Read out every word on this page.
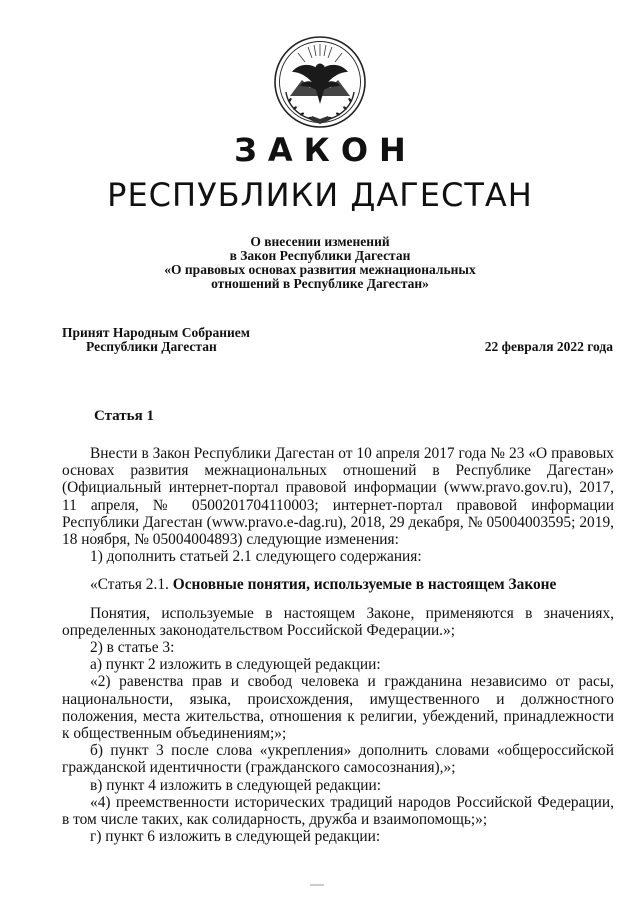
ЗАКОН
РЕСПУБЛИКИ ДАГЕСТАН
О внесении изменений
в Закон Республики Дагестан
«О правовых основах развития межнациональных
отношений в Республике Дагестан»
Принят Народным Собранием
Республики Дагестан	22 февраля 2022 года
Статья 1

Внести в Закон Республики Дагестан от 10 апреля 2017 года № 23 «О правовых основах развития межнациональных отношений в Республике Дагестан» (Официальный интернет-портал правовой информации (www.pravo.gov.ru), 2017, 11 апреля, № 0500201704110003; интернет-портал правовой информации Республики Дагестан (www.pravo.e-dag.ru), 2018, 29 декабря, № 05004003595; 2019, 18 ноября, № 05004004893) следующие изменения:

1) дополнить статьей 2.1 следующего содержания:

«Статья 2.1. Основные понятия, используемые в настоящем Законе

Понятия, используемые в настоящем Законе, применяются в значениях, определенных законодательством Российской Федерации.»;

2) в статье 3:

а) пункт 2 изложить в следующей редакции:

«2) равенства прав и свобод человека и гражданина независимо от расы, национальности, языка, происхождения, имущественного и должностного положения, места жительства, отношения к религии, убеждений, принадлежности к общественным объединениям;»;

б) пункт 3 после слова «укрепления» дополнить словами «общероссийской гражданской идентичности (гражданского самосознания),»;

в) пункт 4 изложить в следующей редакции:

«4) преемственности исторических традиций народов Российской Федерации, в том числе таких, как солидарность, дружба и взаимопомощь;»;

г) пункт 6 изложить в следующей редакции:
